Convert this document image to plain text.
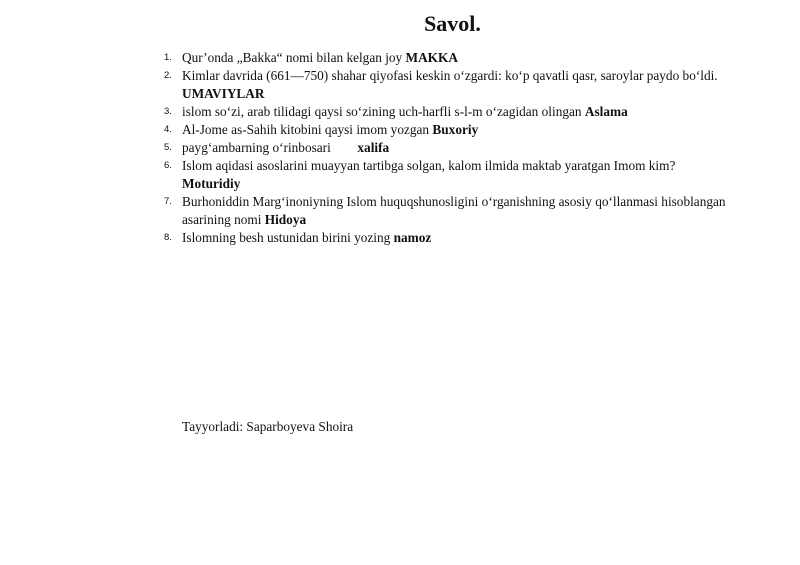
Savol.
1. Qur’onda „Bakka“ nomi bilan kelgan joy MAKKA
2. Kimlar davrida (661—750) shahar qiyofasi keskin o‘zgardi: ko‘p qavatli qasr, saroylar paydo bo‘ldi. UMAVIYLAR
3. islom so‘zi, arab tilidagi qaysi so‘zining uch-harfli s-l-m o‘zagidan olingan Aslama
4. Al-Jome as-Sahih kitobini qaysi imom yozgan Buxoriy
5. payg‘ambarning o‘rinbosari        xalifa
6. Islom aqidasi asoslarini muayyan tartibga solgan, kalom ilmida maktab yaratgan Imom kim? Moturidiy
7. Burhoniddin Marg‘inoniyning Islom huquqshunosligini o‘rganishning asosiy qo‘llanmasi hisoblangan asarining nomi Hidoya
8. Islomning besh ustunidan birini yozing namoz
Tayyorladi: Saparboyeva Shoira
